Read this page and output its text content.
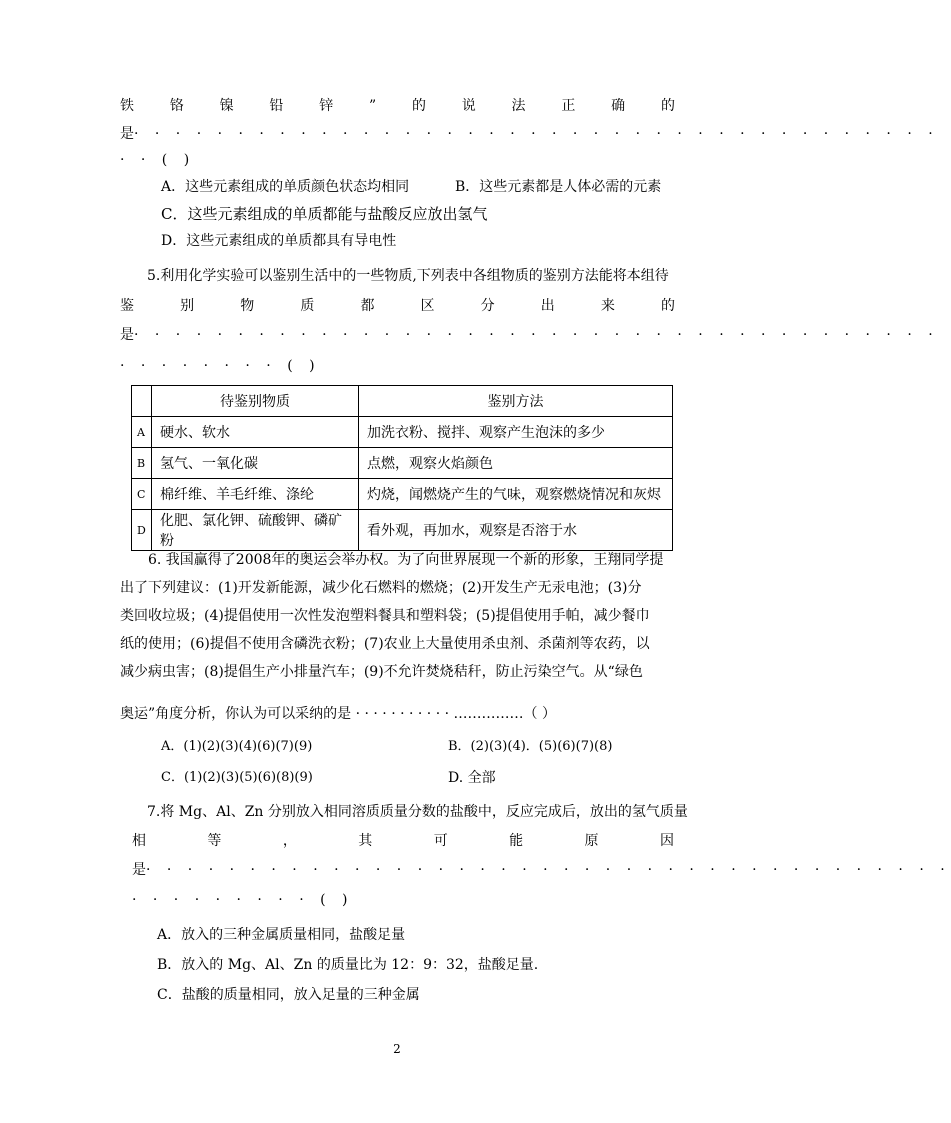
铁	铬	镍	铅	锌	”	的	说	法	正	确	的
是· · · · · · · · · · · · · · · · · · · · · · · · · · · · · · · · · · · · · · ·
· · ( )
A．这些元素组成的单质颜色状态均相同	B．这些元素都是人体必需的元素
C．这些元素组成的单质都能与盐酸反应放出氢气
D．这些元素组成的单质都具有导电性
5.利用化学实验可以鉴别生活中的一些物质,下列表中各组物质的鉴别方法能将本组待
鉴	别	物	质	都	区	分	出	来	的
是· · · · · · · · · · · · · · · · · · · · · · · · · · · · · · · · · · · · · · ·
· · · · · · · · ( )
	待鉴别物质	鉴别方法
A	硬水、软水	加洗衣粉、搅拌、观察产生泡沫的多少
B	氢气、一氧化碳	点燃，观察火焰颜色
C	棉纤维、羊毛纤维、涤纶	灼烧，闻燃烧产生的气味，观察燃烧情况和灰烬
D	化肥、氯化钾、硫酸钾、磷矿粉	看外观，再加水，观察是否溶于水
6. 我国赢得了2008年的奥运会举办权。为了向世界展现一个新的形象，王翔同学提
出了下列建议：(1)开发新能源，减少化石燃料的燃烧；(2)开发生产无汞电池；(3)分
类回收垃圾；(4)提倡使用一次性发泡塑料餐具和塑料袋；(5)提倡使用手帕，减少餐巾
纸的使用；(6)提倡不使用含磷洗衣粉；(7)农业上大量使用杀虫剂、杀菌剂等农药，以
减少病虫害；(8)提倡生产小排量汽车；(9)不允许焚烧秸秆，防止污染空气。从“绿色
奥运”角度分析，你认为可以采纳的是 · · · · · · · · · · · ……………（ ）
A．(1)(2)(3)(4)(6)(7)(9)	B．(2)(3)(4)．(5)(6)(7)(8)
C．(1)(2)(3)(5)(6)(8)(9)	D. 全部
7.将 Mg、Al、Zn 分别放入相同溶质质量分数的盐酸中，反应完成后，放出的氢气质量
相	等	，	其	可	能	原	因
是· · · · · · · · · · · · · · · · · · · · · · · · · · · · · · · · · · · · · · ·
· · · · · · · · · ( )
A．放入的三种金属质量相同，盐酸足量
B．放入的 Mg、Al、Zn 的质量比为 12：9：32，盐酸足量.
C．盐酸的质量相同，放入足量的三种金属
2
